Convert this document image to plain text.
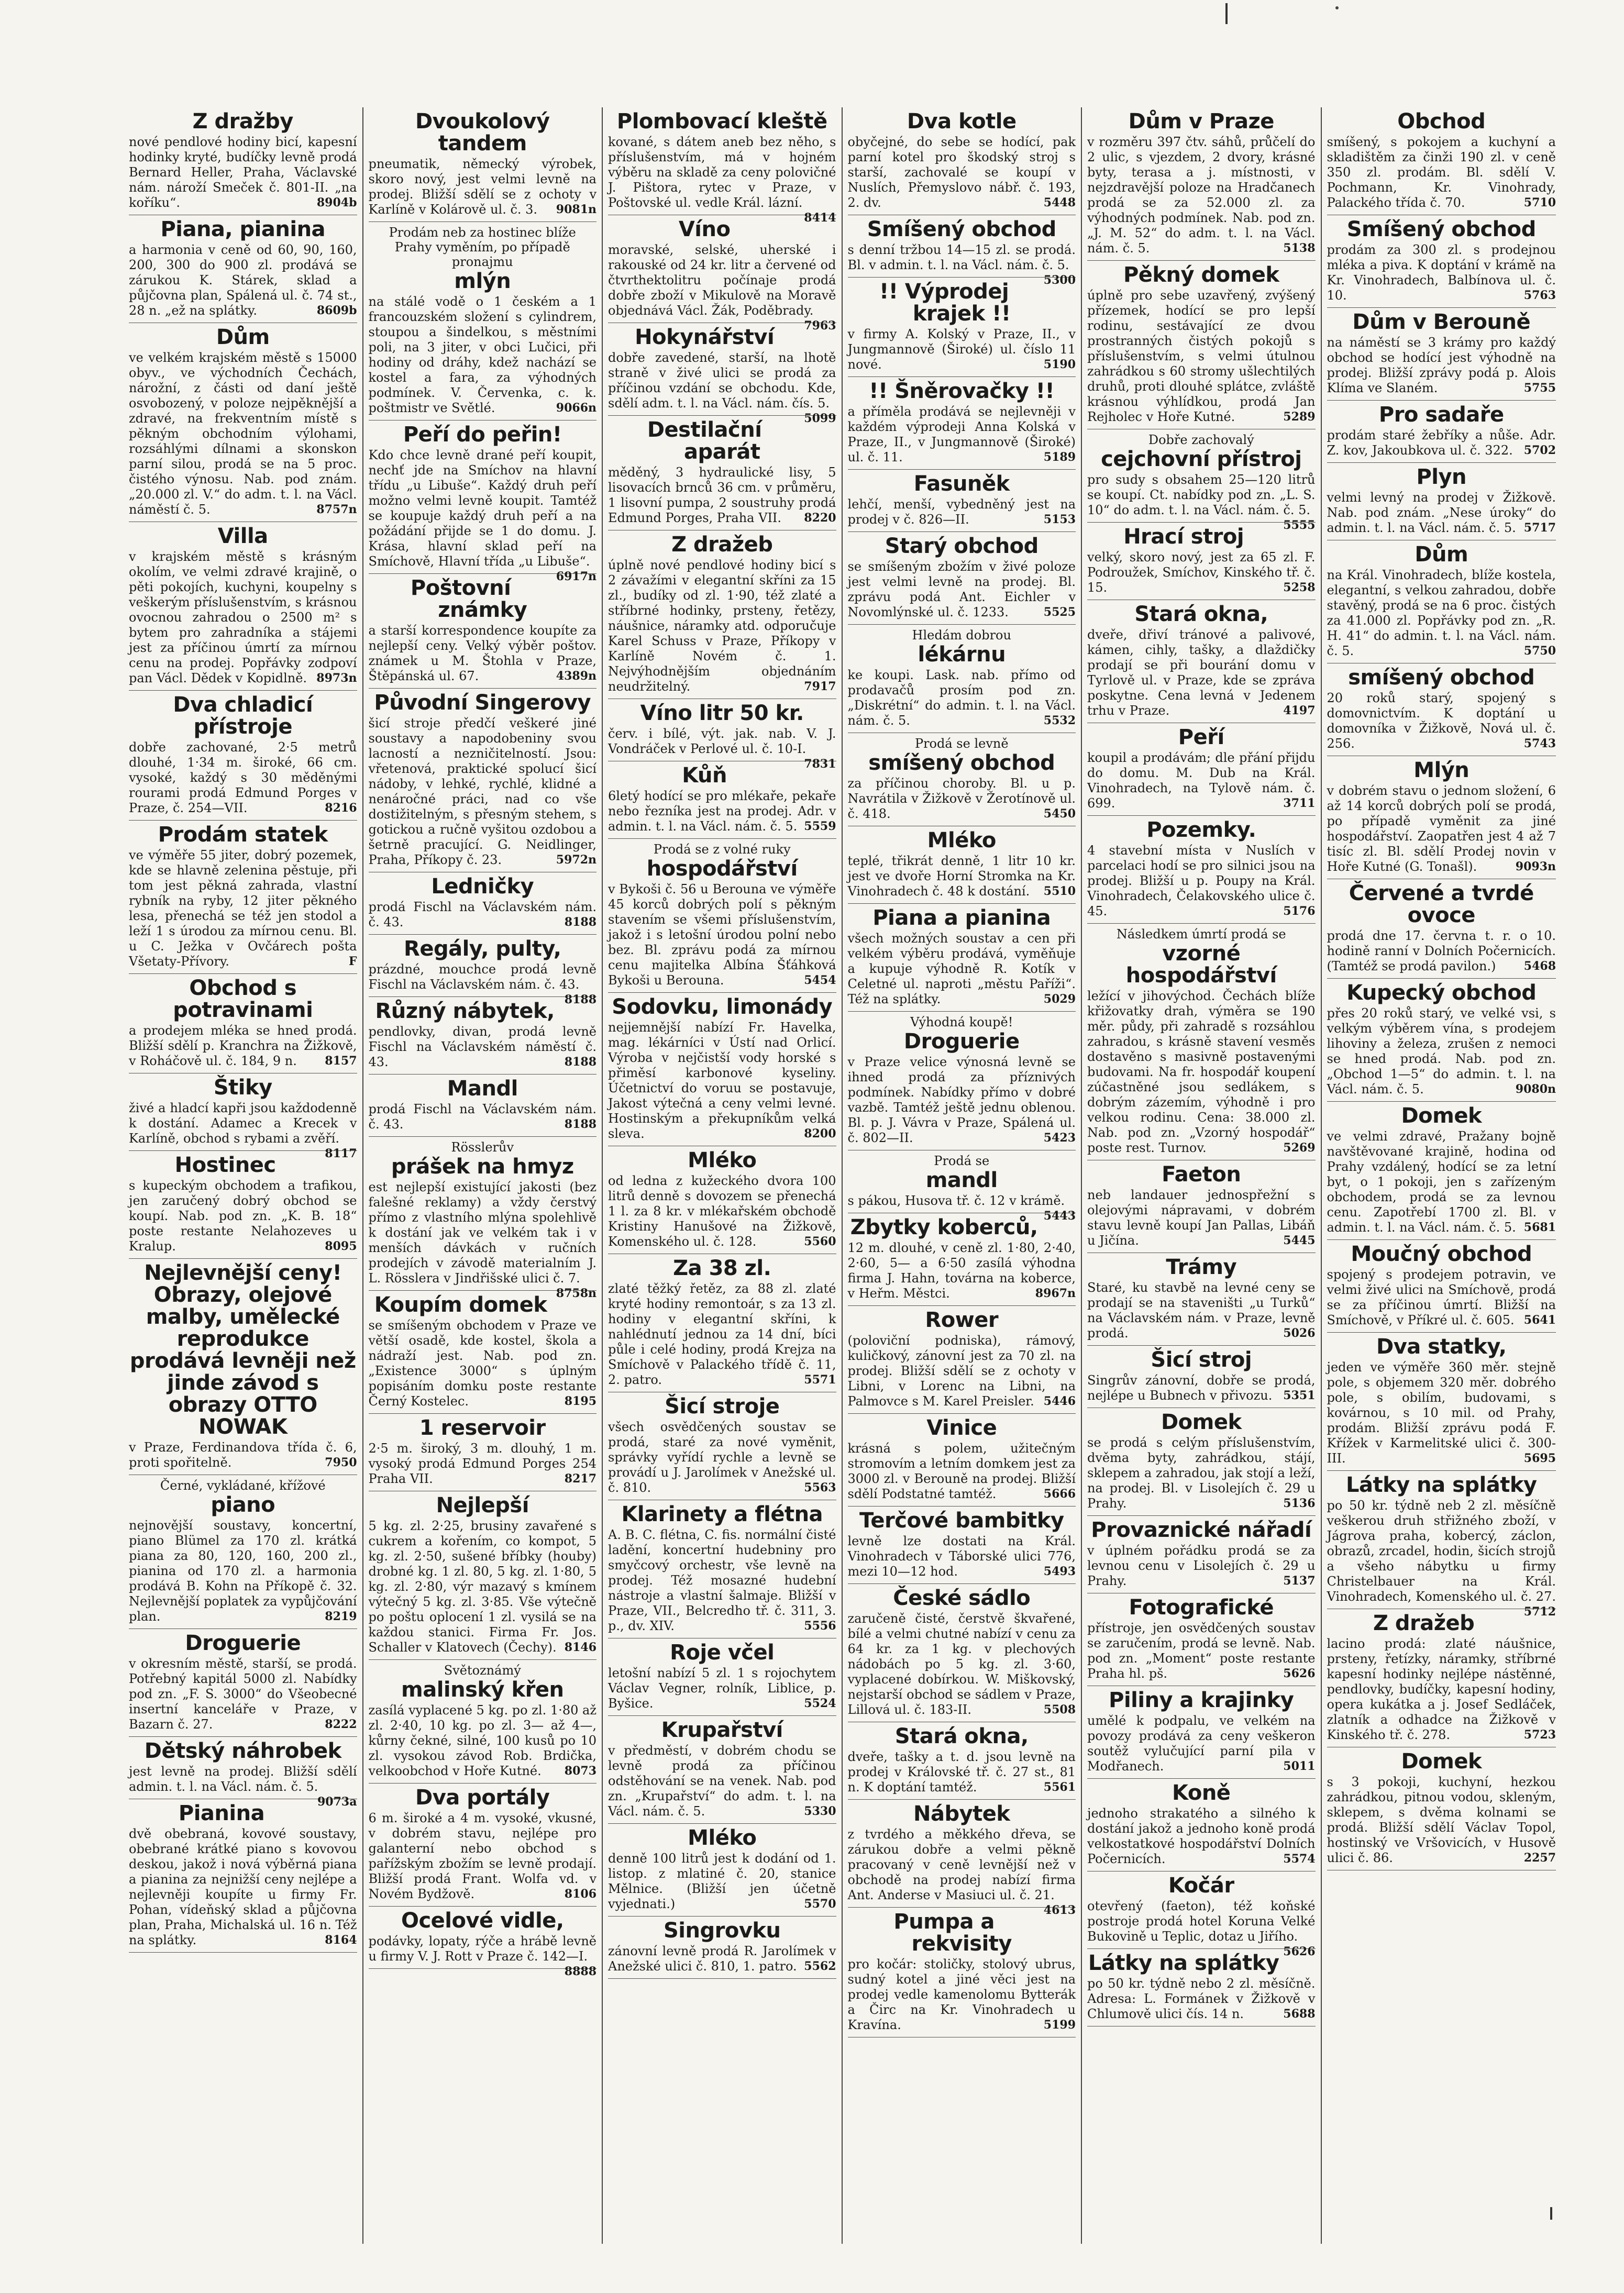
Z dražby

nové pendlové hodiny bicí, kapesní hodinky kryté, budíčky levně prodá Bernard Heller, Praha, Václavské nám. nároží Smeček č. 801-II. „na koříku“.	8904b

Piana, pianina

a harmonia v ceně od 60, 90, 160, 200, 300 do 900 zl. prodává se zárukou K. Stárek, sklad a půjčovna plan, Spálená ul. č. 74 st., 28 n. „ež na splátky.	8609b

Dům

ve velkém krajském městě s 15000 obyv., ve východních Čechách, nárožní, z části od daní ještě osvobozený, v poloze nejpěknější a zdravé, na frekventním místě s pěkným obchodním výlohami, rozsáhlými dílnami a skonskon parní silou, prodá se na 5 proc. čistého výnosu. Nab. pod znám. „20.000 zl. V.“ do adm. t. l. na Václ. náměstí č. 5.	8757n

Villa

v krajském městě s krásným okolím, ve velmi zdravé krajině, o pěti pokojích, kuchyni, koupelny s veškerým příslušenstvím, s krásnou ovocnou zahradou o 2500 m² s bytem pro zahradníka a stájemi jest za příčinou úmrtí za mírnou cenu na prodej. Popřávky zodpoví pan Václ. Dědek v Kopidlně. 8973n

Dva chladicí přístroje

dobře zachované, 2·5 metrů dlouhé, 1·34 m. široké, 66 cm. vysoké, každý s 30 měděnými rourami prodá Edmund Porges v Praze, č. 254—VII.	8216

Prodám statek

ve výměře 55 jiter, dobrý pozemek, kde se hlavně zelenina pěstuje, při tom jest pěkná zahrada, vlastní rybník na ryby, 12 jiter pěkného lesa, přenechá se též jen stodol a leží 1 s úrodou za mírnou cenu. Bl. u C. Ježka v Ovčárech pošta Všetaty-Přívory.	F

Obchod s potravinami

a prodejem mléka se hned prodá. Bližší sdělí p. Kranchra na Žižkově, v Roháčově ul. č. 184, 9 n. 8157

Štiky

živé a hladcí kapři jsou každodenně k dostání. Adamec a Krecek v Karlíně, obchod s rybami a zvěří.
8117

Hostinec

s kupeckým obchodem a trafikou, jen zaručený dobrý obchod se koupí. Nab. pod zn. „K. B. 18“ poste restante Nelahozeves u Kralup.	8095

Nejlevnější ceny! Obrazy, olejové malby, umělecké reprodukce prodává levněji než jinde závod s obrazy OTTO NOWAK

v Praze, Ferdinandova třída č. 6, proti spořitelně.	7950

Černé, vykládané, křížové
piano

nejnovější soustavy, koncertní, piano Blümel za 170 zl. krátká piana za 80, 120, 160, 200 zl., pianina od 170 zl. a harmonia prodává B. Kohn na Příkopě č. 32. Nejlevnější poplatek za vypůjčování plan.	8219

Droguerie

v okresním městě, starší, se prodá. Potřebný kapitál 5000 zl. Nabídky pod zn. „F. S. 3000“ do Všeobecné insertní kanceláře v Praze, v Bazarn č. 27.	8222

Dětský náhrobek

jest levně na prodej. Bližší sdělí admin. t. l. na Václ. nám. č. 5.
9073a

Pianina

dvě obebraná, kovové soustavy, obebrané krátké piano s kovovou deskou, jakož i nová výběrná piana a pianina za nejnižší ceny nejlépe a nejlevněji koupíte u firmy Fr. Pohan, vídeňský sklad a půjčovna plan, Praha, Michalská ul. 16 n. Též na splátky.	8164

Dvoukolový tandem

pneumatik, německý výrobek, skoro nový, jest velmi levně na prodej. Bližší sdělí se z ochoty v Karlíně v Kolárově ul. č. 3. 9081n

Prodám neb za hostinec blíže Prahy vyměním, po případě pronajmu
mlýn

na stálé vodě o 1 českém a 1 francouzském složení s cylindrem, stoupou a šindelkou, s městními poli, na 3 jiter, v obci Lučici, při hodiny od dráhy, kdež nachází se kostel a fara, za výhodných podmínek. V. Červenka, c. k. poštmistr ve Světlé.	9066n

Peří do peřin!

Kdo chce levně drané peří koupit, nechť jde na Smíchov na hlavní třídu „u Libuše“. Každý druh peří možno velmi levně koupit. Tamtéž se koupuje každý druh peří a na požádání přijde se 1 do domu. J. Krása, hlavní sklad peří na Smíchově, Hlavní třída „u Libuše“.
6917n

Poštovní známky

a starší korrespondence koupíte za nejlepší ceny. Velký výběr poštov. známek u M. Štohla v Praze, Štěpánská ul. 67.	4389n

Původní Singerovy

šicí stroje předčí veškeré jiné soustavy a napodobeniny svou lacností a nezničitelností. Jsou: vřetenová, praktické spolucí šicí nádoby, v lehké, rychlé, klidné a nenáročné práci, nad co vše dostižitelným, s přesným stehem, s gotickou a ručně vyšitou ozdobou a šetrně pracující. G. Neidlinger, Praha, Příkopy č. 23.	5972n

Ledničky

prodá Fischl na Václavském nám. č. 43.	8188

Regály, pulty,

prázdné, mouchce prodá levně Fischl na Václavském nám. č. 43.
8188

Různý nábytek,

pendlovky, divan, prodá levně Fischl na Václavském náměstí č. 43.	8188

Mandl

prodá Fischl na Václavském nám. č. 43.	8188

Rösslerův
prášek na hmyz

est nejlepší existující jakosti (bez falešné reklamy) a vždy čerstvý přímo z vlastního mlýna spolehlivě k dostání jak ve velkém tak i v menších dávkách v ručních prodejích v závodě materialním J. L. Rösslera v Jindřišské ulici č. 7.
8758n

Koupím domek

se smíšeným obchodem v Praze ve větší osadě, kde kostel, škola a nádraží jest. Nab. pod zn. „Existence 3000“ s úplným popisáním domku poste restante Černý Kostelec.	8195

1 reservoir

2·5 m. široký, 3 m. dlouhý, 1 m. vysoký prodá Edmund Porges 254 Praha VII.	8217

Nejlepší

5 kg. zl. 2·25, brusiny zavařené s cukrem a kořením, co kompot, 5 kg. zl. 2·50, sušené bříbky (houby) drobné kg. 1 zl. 80, 5 kg. zl. 1·80, 5 kg. zl. 2·80, výr mazavý s kmínem výtečný 5 kg. zl. 3·85. Vše výtečně po poštu oplocení 1 zl. vysilá se na každou stanici. Firma Fr. Jos. Schaller v Klatovech (Čechy). 8146

Světoznámý
malinský křen

zasílá vyplacené 5 kg. po zl. 1·80 až zl. 2·40, 10 kg. po zl. 3— až 4—, kůrny čekné, silné, 100 kusů po 10 zl. vysokou závod Rob. Brdička, velkoobchod v Hoře Kutné. 8073

Dva portály

6 m. široké a 4 m. vysoké, vkusné, v dobrém stavu, nejlépe pro galanterní nebo obchod s pařížským zbožím se levně prodají. Bližší prodá Frant. Wolfa vd. v Novém Bydžově.	8106

Ocelové vidle,

podávky, lopaty, rýče a hrábě levně u firmy V. J. Rott v Praze č. 142—I.
8888

Plombovací kleště

kované, s dátem aneb bez něho, s příslušenstvím, má v hojném výběru na skladě za ceny polovičné J. Pištora, rytec v Praze, v Poštovské ul. vedle Král. lázní.
8414

Víno

moravské, selské, uherské i rakouské od 24 kr. litr a červené od čtvrthektolitru počínaje prodá dobře zboží v Mikulově na Moravě objednává Václ. Žák, Poděbrady.
7963

Hokynářství

dobře zavedené, starší, na lhotě straně v živé ulici se prodá za příčinou vzdání se obchodu. Kde, sdělí adm. t. l. na Václ. nám. čís. 5.
5099

Destilační aparát

měděný, 3 hydraulické lisy, 5 lisovacích brnců 36 cm. v průměru, 1 lisovní pumpa, 2 soustruhy prodá Edmund Porges, Praha VII. 8220

Z dražeb

úplně nové pendlové hodiny bicí s 2 závažími v elegantní skříni za 15 zl., budíky od zl. 1·90, též zlaté a stříbrné hodinky, prsteny, řetězy, náušnice, náramky atd. odporučuje Karel Schuss v Praze, Příkopy v Karlíně Novém č. 1. Nejvýhodnějším objednáním neudržitelný.	7917

Víno litr 50 kr.

červ. i bílé, výt. jak. nab. V. J. Vondráček v Perlové ul. č. 10-I.
7831

Kůň

6letý hodící se pro mlékaře, pekaře nebo řezníka jest na prodej. Adr. v admin. t. l. na Václ. nám. č. 5. 5559

Prodá se z volné ruky
hospodářství

v Bykoši č. 56 u Berouna ve výměře 45 korců dobrých polí s pěkným stavením se všemi příslušenstvím, jakož i s letošní úrodou polní nebo bez. Bl. zprávu podá za mírnou cenu majitelka Albína Šťáhková Bykoši u Berouna.	5454

Sodovku, limonády

nejjemnější nabízí Fr. Havelka, mag. lékárníci v Ústí nad Orlicí. Výroba v nejčistší vody horské s přiměsí karbonové kyseliny. Účetnictví do voruu se postavuje, Jakost výtečná a ceny velmi levné. Hostinským a překupníkům velká sleva.	8200

Mléko

od ledna z kužeckého dvora 100 litrů denně s dovozem se přenechá 1 l. za 8 kr. v mlékařském obchodě Kristiny Hanušové na Žižkově, Komenského ul. č. 128.	5560

Za 38 zl.

zlaté těžký řetěz, za 88 zl. zlaté kryté hodiny remontoár, s za 13 zl. hodiny v elegantní skříni, k nahlédnutí jednou za 14 dní, bíci půle i celé hodiny, prodá Krejza na Smíchově v Palackého třídě č. 11, 2. patro.	5571

Šicí stroje

všech osvědčených soustav se prodá, staré za nové vyměnit, správky vyřídí rychle a levně se provádí u J. Jarolímek v Anežské ul. č. 810.	5563

Klarinety a flétna

A. B. C. flétna, C. fis. normální čisté ladění, koncertní hudebniny pro smyčcový orchestr, vše levně na prodej. Též mosazné hudební nástroje a vlastní šalmaje. Bližší v Praze, VII., Belcredho tř. č. 311, 3. p., dv. XIV.	5556

Roje včel

letošní nabízí 5 zl. 1 s rojochytem Václav Vegner, rolník, Liblice, p. Byšice.	5524

Krupařství

v předměstí, v dobrém chodu se levně prodá za příčinou odstěhování se na venek. Nab. pod zn. „Krupařství“ do adm. t. l. na Václ. nám. č. 5.	5330

Mléko

denně 100 litrů jest k dodání od 1. listop. z mlatiné č. 20, stanice Mělnice. (Bližší jen účetně vyjednati.)	5570

Singrovku

zánovní levně prodá R. Jarolímek v Anežské ulici č. 810, 1. patro. 5562

Dva kotle

obyčejné, do sebe se hodící, pak parní kotel pro škodský stroj s starší, zachovalé se koupí v Nuslích, Přemyslovo nábř. č. 193, 2. dv.	5448

Smíšený obchod

s denní tržbou 14—15 zl. se prodá. Bl. v admin. t. l. na Václ. nám. č. 5.
5300

!! Výprodej krajek !!

v firmy A. Kolský v Praze, II., v Jungmannově (Široké) ul. číslo 11 nové.	5190

!! Šněrovačky !!

a příměla prodává se nejlevněji v každém výprodeji Anna Kolská v Praze, II., v Jungmannově (Široké) ul. č. 11.	5189

Fasuněk

lehčí, menší, vybedněný jest na prodej v č. 826—II.	5153

Starý obchod

se smíšeným zbožím v živé poloze jest velmi levně na prodej. Bl. zprávu podá Ant. Eichler v Novomlýnské ul. č. 1233.	5525

Hledám dobrou
lékárnu

ke koupi. Lask. nab. přímo od prodavačů prosím pod zn. „Diskrétní“ do admin. t. l. na Václ. nám. č. 5.	5532

Prodá se levně
smíšený obchod

za příčinou choroby. Bl. u p. Navrátila v Žižkově v Žerotínově ul. č. 418.	5450

Mléko

teplé, třikrát denně, 1 litr 10 kr. jest ve dvoře Horní Stromka na Kr. Vinohradech č. 48 k dostání. 5510

Piana a pianina

všech možných soustav a cen při velkém výběru prodává, vyměňuje a kupuje výhodně R. Kotík v Celetné ul. naproti „městu Paříži“. Též na splátky.	5029

Výhodná koupě!
Droguerie

v Praze velice výnosná levně se ihned prodá za příznivých podmínek. Nabídky přímo v dobré vazbě. Tamtéž ještě jednu oblenou. Bl. p. J. Vávra v Praze, Spálená ul. č. 802—II.	5423

Prodá se
mandl

s pákou, Husova tř. č. 12 v krámě.
5443

Zbytky koberců,

12 m. dlouhé, v ceně zl. 1·80, 2·40, 2·60, 5— a 6·50 zasílá výhodna firma J. Hahn, továrna na koberce, v Heřm. Městci.	8967n

Rower

(poloviční podniska), rámový, kuličkový, zánovní jest za 70 zl. na prodej. Bližší sdělí se z ochoty v Libni, v Lorenc na Libni, na Palmovce s M. Karel Preisler. 5446

Vinice

krásná s polem, užitečným stromovím a letním domkem jest za 3000 zl. v Berouně na prodej. Bližší sdělí Podstatné tamtéž.	5666

Terčové bambitky

levně lze dostati na Král. Vinohradech v Táborské ulici 776, mezi 10—12 hod.	5493

České sádlo

zaručeně čisté, čerstvě škvařené, bílé a velmi chutné nabízí v cenu za 64 kr. za 1 kg. v plechových nádobách po 5 kg. zl. 3·60, vyplacené dobírkou. W. Miškovský, nejstarší obchod se sádlem v Praze, Lillová ul. č. 183-II.	5508

Stará okna,

dveře, tašky a t. d. jsou levně na prodej v Královské tř. č. 27 st., 81 n. K doptání tamtéž.	5561

Nábytek

z tvrdého a měkkého dřeva, se zárukou dobře a velmi pěkně pracovaný v ceně levnější než v obchodě na prodej nabízí firma Ant. Anderse v Masiuci ul. č. 21.
4613

Pumpa a rekvisity

pro kočár: stoličky, stolový ubrus, sudný kotel a jiné věci jest na prodej vedle kamenolomu Bytterák a Čirc na Kr. Vinohradech u Kravína.	5199

Dům v Praze

v rozměru 397 čtv. sáhů, průčelí do 2 ulic, s vjezdem, 2 dvory, krásné byty, terasa a j. místnosti, v nejzdravější poloze na Hradčanech prodá se za 52.000 zl. za výhodných podmínek. Nab. pod zn. „J. M. 52“ do adm. t. l. na Václ. nám. č. 5.	5138

Pěkný domek

úplně pro sebe uzavřený, zvýšený přízemek, hodící se pro lepší rodinu, sestávající ze dvou prostranných čistých pokojů s příslušenstvím, s velmi útulnou zahrádkou s 60 stromy ušlechtilých druhů, proti dlouhé splátce, zvláště krásnou výhlídkou, prodá Jan Rejholec v Hoře Kutné.	5289

Dobře zachovalý
cejchovní přístroj

pro sudy s obsahem 25—120 litrů se koupí. Ct. nabídky pod zn. „L. S. 10“ do adm. t. l. na Václ. nám. č. 5.
5555

Hrací stroj

velký, skoro nový, jest za 65 zl. F. Podroužek, Smíchov, Kinského tř. č. 15.	5258

Stará okna,

dveře, dřiví tránové a palivové, kámen, cihly, tašky, a dlaždičky prodají se při bourání domu v Tyrlově ul. v Praze, kde se zpráva poskytne. Cena levná v Jedenem trhu v Praze.	4197

Peří

koupil a prodávám; dle přání přijdu do domu. M. Dub na Král. Vinohradech, na Tylově nám. č. 699.	3711

Pozemky.

4 stavební místa v Nuslích v parcelaci hodí se pro silnici jsou na prodej. Bližší u p. Poupy na Král. Vinohradech, Čelakovského ulice č. 45.	5176

Následkem úmrtí prodá se
vzorné hospodářství

ležící v jihovýchod. Čechách blíže křižovatky drah, výměra se 190 měr. půdy, při zahradě s rozsáhlou zahradou, s krásně stavení vesměs dostavěno s masivně postavenými budovami. Na fr. hospodář koupení zúčastněné jsou sedlákem, s dobrým zázemím, výhodně i pro velkou rodinu. Cena: 38.000 zl. Nab. pod zn. „Vzorný hospodář“ poste rest. Turnov.	5269

Faeton

neb landauer jednospřežní s olejovými nápravami, v dobrém stavu levně koupí Jan Pallas, Libáň u Jičína.	5445

Trámy

Staré, ku stavbě na levné ceny se prodají se na staveništi „u Turků“ na Václavském nám. v Praze, levně prodá.	5026

Šicí stroj

Singrův zánovní, dobře se prodá, nejlépe u Bubnech v přivozu. 5351

Domek

se prodá s celým příslušenstvím, dvěma byty, zahrádkou, stájí, sklepem a zahradou, jak stojí a leží, na prodej. Bl. v Lisolejích č. 29 u Prahy.	5136

Provaznické nářadí

v úplném pořádku prodá se za levnou cenu v Lisolejích č. 29 u Prahy.	5137

Fotografické

přístroje, jen osvědčených soustav se zaručením, prodá se levně. Nab. pod zn. „Moment“ poste restante Praha hl. pš.	5626

Piliny a krajinky

umělé k podpalu, ve velkém na povozy prodává za ceny veškeron soutěž vylučující parní pila v Modřanech.	5011

Koně

jednoho strakatého a silného k dostání jakož a jednoho koně prodá velkostatkové hospodářství Dolních Počernicích.	5574

Kočár

otevřený (faeton), též koňské postroje prodá hotel Koruna Velké Bukovině u Teplic, dotaz u Jiřího.
5626

Látky na splátky

po 50 kr. týdně nebo 2 zl. měsíčně. Adresa: L. Formánek v Žižkově v Chlumově ulici čís. 14 n.	5688

Obchod

smíšený, s pokojem a kuchyní a skladištěm za činži 190 zl. v ceně 350 zl. prodám. Bl. sdělí V. Pochmann, Kr. Vinohrady, Palackého třída č. 70.	5710

Smíšený obchod

prodám za 300 zl. s prodejnou mléka a piva. K doptání v krámě na Kr. Vinohradech, Balbínova ul. č. 10.	5763

Dům v Berouně

na náměstí se 3 krámy pro každý obchod se hodící jest výhodně na prodej. Bližší zprávy podá p. Alois Klíma ve Slaném.	5755

Pro sadaře

prodám staré žebříky a nůše. Adr. Z. kov, Jakoubkova ul. č. 322. 5702

Plyn

velmi levný na prodej v Žižkově. Nab. pod znám. „Nese úroky“ do admin. t. l. na Václ. nám. č. 5. 5717

Dům

na Král. Vinohradech, blíže kostela, elegantní, s velkou zahradou, dobře stavěný, prodá se na 6 proc. čistých za 41.000 zl. Popřávky pod zn. „R. H. 41“ do admin. t. l. na Václ. nám. č. 5.	5750

smíšený obchod

20 roků starý, spojený s domovnictvím. K doptání u domovníka v Žižkově, Nová ul. č. 256.	5743

Mlýn

v dobrém stavu o jednom složení, 6 až 14 korců dobrých polí se prodá, po případě vyměnit za jiné hospodářství. Zaopatřen jest 4 až 7 tisíc zl. Bl. sdělí Prodej novin v Hoře Kutné (G. Tonašl).	9093n

Červené a tvrdé ovoce

prodá dne 17. června t. r. o 10. hodině ranní v Dolních Počernicích. (Tamtéž se prodá pavilon.) 5468

Kupecký obchod

přes 20 roků starý, ve velké vsi, s velkým výběrem vína, s prodejem lihoviny a železa, zrušen z nemoci se hned prodá. Nab. pod zn. „Obchod 1—5“ do admin. t. l. na Václ. nám. č. 5.	9080n

Domek

ve velmi zdravé, Pražany bojně navštěvované krajině, hodina od Prahy vzdálený, hodící se za letní byt, o 1 pokoji, jen s zařízeným obchodem, prodá se za levnou cenu. Zapotřebí 1700 zl. Bl. v admin. t. l. na Václ. nám. č. 5. 5681

Moučný obchod

spojený s prodejem potravin, ve velmi živé ulici na Smíchově, prodá se za příčinou úmrtí. Bližší na Smíchově, v Příkré ul. č. 605. 5641

Dva statky,

jeden ve výměře 360 měr. stejně pole, s objemem 320 měr. dobrého pole, s obilím, budovami, s kovárnou, s 10 mil. od Prahy, prodám. Bližší zprávu podá F. Křížek v Karmelitské ulici č. 300-III.	5695

Látky na splátky

po 50 kr. týdně neb 2 zl. měsíčně veškerou druh střižného zboží, v Jágrova praha, kobercý, záclon, obrazů, zrcadel, hodin, šicích strojů a všeho nábytku u firmy Christelbauer na Král. Vinohradech, Komenského ul. č. 27.
5712

Z dražeb

lacino prodá: zlaté náušnice, prsteny, řetízky, náramky, stříbrné kapesní hodinky nejlépe nástěnné, pendlovky, budíčky, kapesní hodiny, opera kukátka a j. Josef Sedláček, zlatník a odhadce na Žižkově v Kinského tř. č. 278.	5723

Domek

s 3 pokoji, kuchyní, hezkou zahrádkou, pitnou vodou, skleným, sklepem, s dvěma kolnami se prodá. Bližší sdělí Václav Topol, hostinský ve Vršovicích, v Husově ulici č. 86.	2257
